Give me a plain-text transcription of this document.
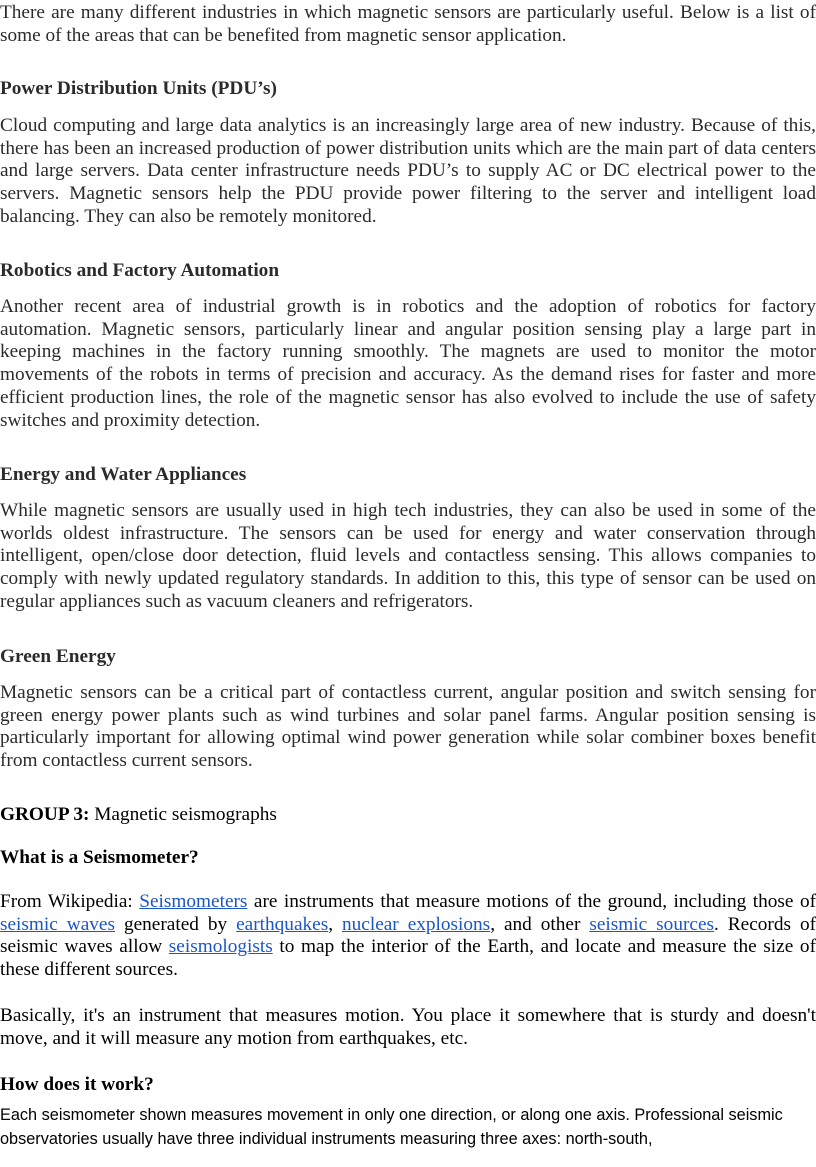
There are many different industries in which magnetic sensors are particularly useful. Below is a list of some of the areas that can be benefited from magnetic sensor application.

Power Distribution Units (PDU’s)

Cloud computing and large data analytics is an increasingly large area of new industry. Because of this, there has been an increased production of power distribution units which are the main part of data centers and large servers. Data center infrastructure needs PDU’s to supply AC or DC electrical power to the servers. Magnetic sensors help the PDU provide power filtering to the server and intelligent load balancing. They can also be remotely monitored.

Robotics and Factory Automation

Another recent area of industrial growth is in robotics and the adoption of robotics for factory automation. Magnetic sensors, particularly linear and angular position sensing play a large part in keeping machines in the factory running smoothly. The magnets are used to monitor the motor movements of the robots in terms of precision and accuracy. As the demand rises for faster and more efficient production lines, the role of the magnetic sensor has also evolved to include the use of safety switches and proximity detection.

Energy and Water Appliances

While magnetic sensors are usually used in high tech industries, they can also be used in some of the worlds oldest infrastructure. The sensors can be used for energy and water conservation through intelligent, open/close door detection, fluid levels and contactless sensing. This allows companies to comply with newly updated regulatory standards. In addition to this, this type of sensor can be used on regular appliances such as vacuum cleaners and refrigerators.

Green Energy

Magnetic sensors can be a critical part of contactless current, angular position and switch sensing for green energy power plants such as wind turbines and solar panel farms. Angular position sensing is particularly important for allowing optimal wind power generation while solar combiner boxes benefit from contactless current sensors.

GROUP 3: Magnetic seismographs
What is a Seismometer?

From Wikipedia: Seismometers are instruments that measure motions of the ground, including those of seismic waves generated by earthquakes, nuclear explosions, and other seismic sources. Records of seismic waves allow seismologists to map the interior of the Earth, and locate and measure the size of these different sources.

Basically, it's an instrument that measures motion. You place it somewhere that is sturdy and doesn't move, and it will measure any motion from earthquakes, etc.

How does it work?
Each seismometer shown measures movement in only one direction, or along one axis. Professional seismic
observatories usually have three individual instruments measuring three axes: north-south,
